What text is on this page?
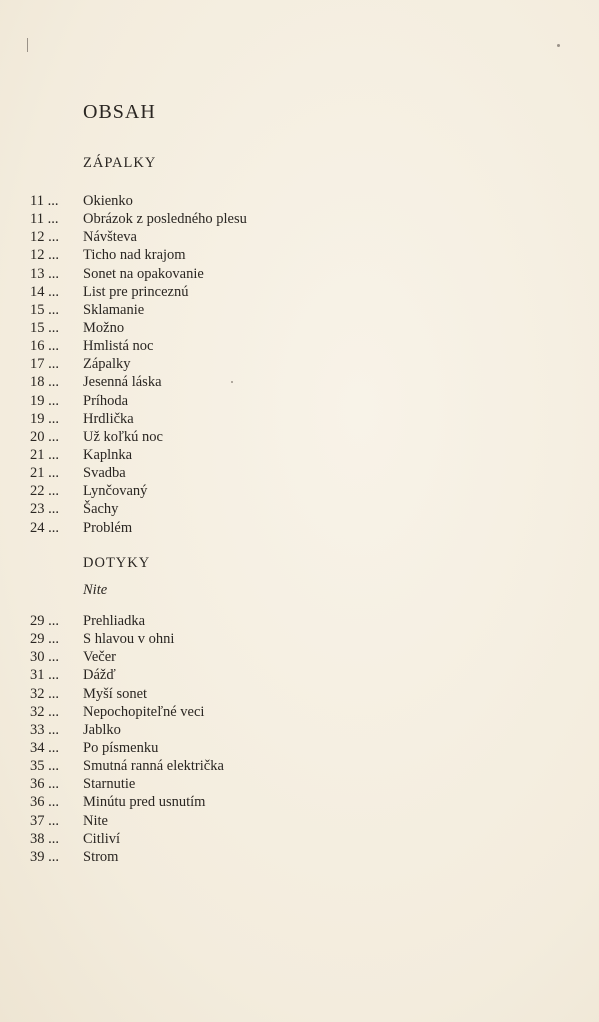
OBSAH
ZÁPALKY
11 ... Okienko
11 ... Obrázok z posledného plesu
12 ... Návšteva
12 ... Ticho nad krajom
13 ... Sonet na opakovanie
14 ... List pre princeznú
15 ... Sklamanie
15 ... Možno
16 ... Hmlistá noc
17 ... Zápalky
18 ... Jesenná láska
19 ... Príhoda
19 ... Hrdlička
20 ... Už koľkú noc
21 ... Kaplnka
21 ... Svadba
22 ... Lynčovaný
23 ... Šachy
24 ... Problém
DOTYKY
Nite
29 ... Prehliadka
29 ... S hlavou v ohni
30 ... Večer
31 ... Dážď
32 ... Myší sonet
32 ... Nepochopiteľné veci
33 ... Jablko
34 ... Po písmenku
35 ... Smutná ranná električka
36 ... Starnutie
36 ... Minútu pred usnutím
37 ... Nite
38 ... Citliví
39 ... Strom
